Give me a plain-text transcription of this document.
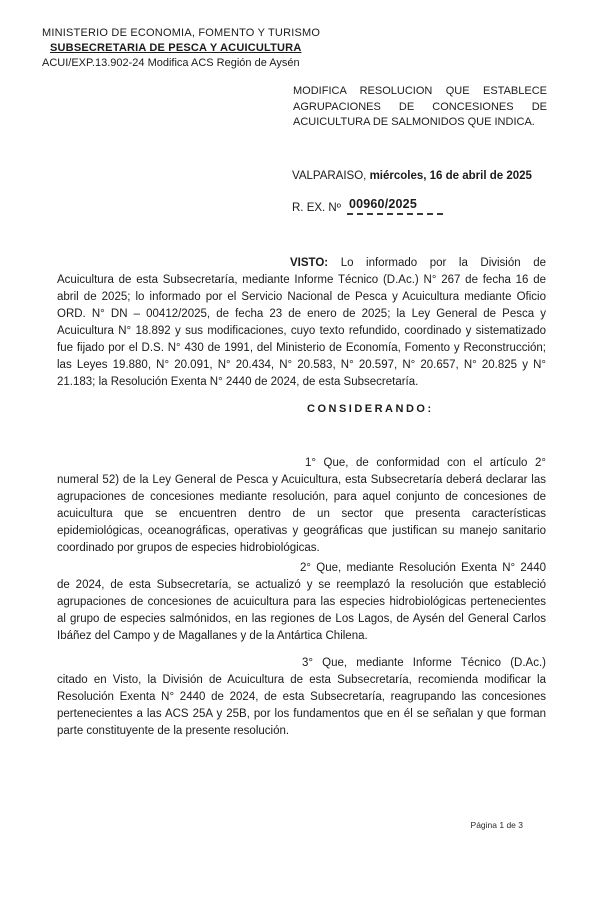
MINISTERIO DE ECONOMIA, FOMENTO Y TURISMO
SUBSECRETARIA DE PESCA Y ACUICULTURA
ACUI/EXP.13.902-24 Modifica ACS Región de Aysén
MODIFICA RESOLUCION QUE ESTABLECE AGRUPACIONES DE CONCESIONES DE ACUICULTURA DE SALMONIDOS QUE INDICA.
VALPARAISO, miércoles, 16 de abril de 2025
R. EX. Nº 00960/2025

VISTO: Lo informado por la División de Acuicultura de esta Subsecretaría, mediante Informe Técnico (D.Ac.) N° 267 de fecha 16 de abril de 2025; lo informado por el Servicio Nacional de Pesca y Acuicultura mediante Oficio ORD. N° DN – 00412/2025, de fecha 23 de enero de 2025; la Ley General de Pesca y Acuicultura N° 18.892 y sus modificaciones, cuyo texto refundido, coordinado y sistematizado fue fijado por el D.S. N° 430 de 1991, del Ministerio de Economía, Fomento y Reconstrucción; las Leyes 19.880, N° 20.091, N° 20.434, N° 20.583, N° 20.597, N° 20.657, N° 20.825 y N° 21.183; la Resolución Exenta N° 2440 de 2024, de esta Subsecretaría.

CONSIDERANDO:

1° Que, de conformidad con el artículo 2° numeral 52) de la Ley General de Pesca y Acuicultura, esta Subsecretaría deberá declarar las agrupaciones de concesiones mediante resolución, para aquel conjunto de concesiones de acuicultura que se encuentren dentro de un sector que presenta características epidemiológicas, oceanográficas, operativas y geográficas que justifican su manejo sanitario coordinado por grupos de especies hidrobiológicas.

2° Que, mediante Resolución Exenta N° 2440 de 2024, de esta Subsecretaría, se actualizó y se reemplazó la resolución que estableció agrupaciones de concesiones de acuicultura para las especies hidrobiológicas pertenecientes al grupo de especies salmónidos, en las regiones de Los Lagos, de Aysén del General Carlos Ibáñez del Campo y de Magallanes y de la Antártica Chilena.

3° Que, mediante Informe Técnico (D.Ac.) citado en Visto, la División de Acuicultura de esta Subsecretaría, recomienda modificar la Resolución Exenta N° 2440 de 2024, de esta Subsecretaría, reagrupando las concesiones pertenecientes a las ACS 25A y 25B, por los fundamentos que en él se señalan y que forman parte constituyente de la presente resolución.

Página 1 de 3
